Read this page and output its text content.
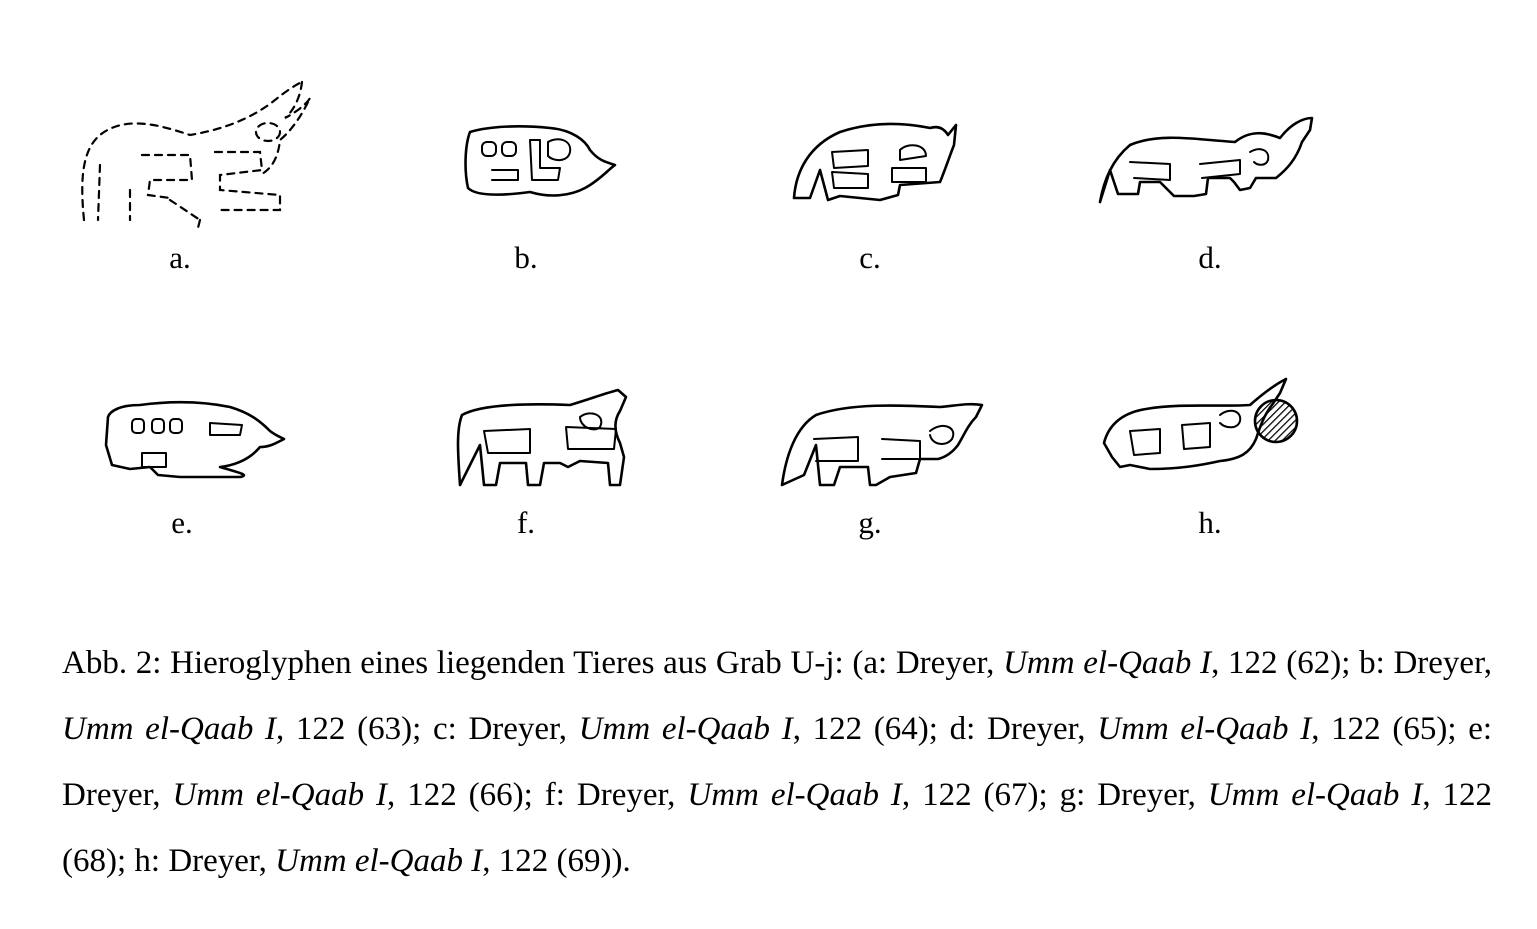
a.	b.	c.	d.
e.	f.	g.	h.
Abb. 2: Hieroglyphen eines liegenden Tieres aus Grab U-j: (a: Dreyer, Umm el-Qaab I, 122 (62); b: Dreyer, Umm el-Qaab I, 122 (63); c: Dreyer, Umm el-Qaab I, 122 (64); d: Dreyer, Umm el-Qaab I, 122 (65); e: Dreyer, Umm el-Qaab I, 122 (66); f: Dreyer, Umm el-Qaab I, 122 (67); g: Dreyer, Umm el-Qaab I, 122 (68); h: Dreyer, Umm el-Qaab I, 122 (69)).
